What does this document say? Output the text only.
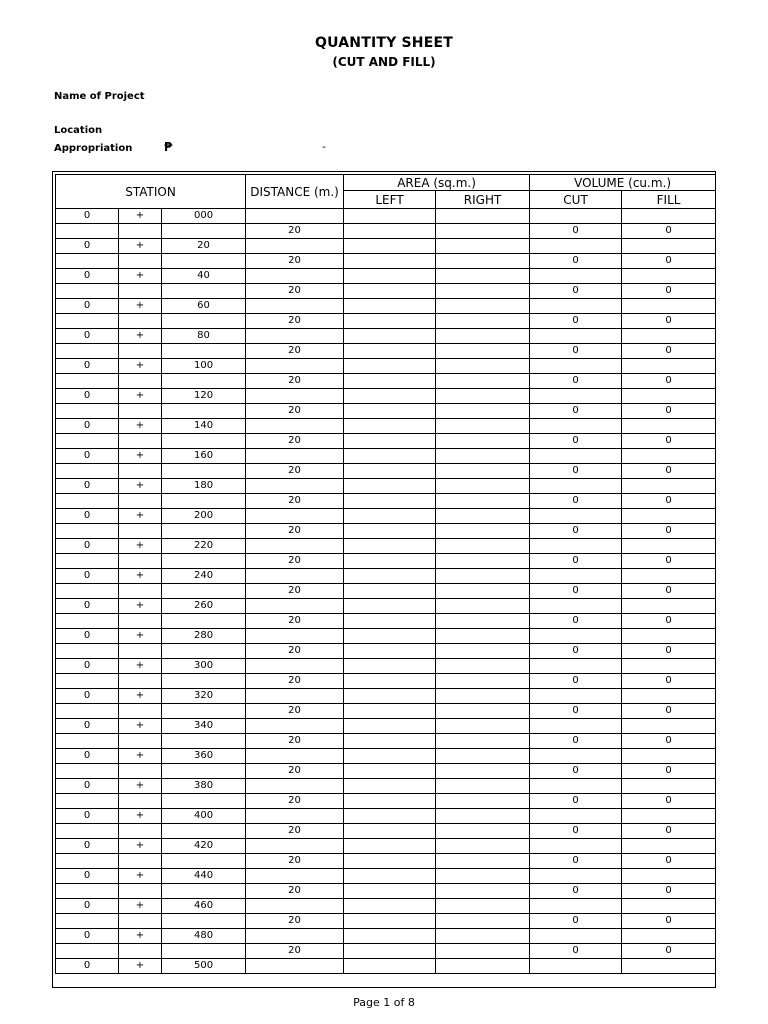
QUANTITY SHEET
(CUT AND FILL)
Name of Project
Location
Appropriation	₱	-
STATION			DISTANCE (m.)	AREA (sq.m.)		VOLUME (cu.m.)	
				LEFT	RIGHT	CUT	FILL
0	+	000					
			20			0	0
0	+	20					
			20			0	0
0	+	40					
			20			0	0
0	+	60					
			20			0	0
0	+	80					
			20			0	0
0	+	100					
			20			0	0
0	+	120					
			20			0	0
0	+	140					
			20			0	0
0	+	160					
			20			0	0
0	+	180					
			20			0	0
0	+	200					
			20			0	0
0	+	220					
			20			0	0
0	+	240					
			20			0	0
0	+	260					
			20			0	0
0	+	280					
			20			0	0
0	+	300					
			20			0	0
0	+	320					
			20			0	0
0	+	340					
			20			0	0
0	+	360					
			20			0	0
0	+	380					
			20			0	0
0	+	400					
			20			0	0
0	+	420					
			20			0	0
0	+	440					
			20			0	0
0	+	460					
			20			0	0
0	+	480					
			20			0	0
0	+	500					
Page 1 of 8
